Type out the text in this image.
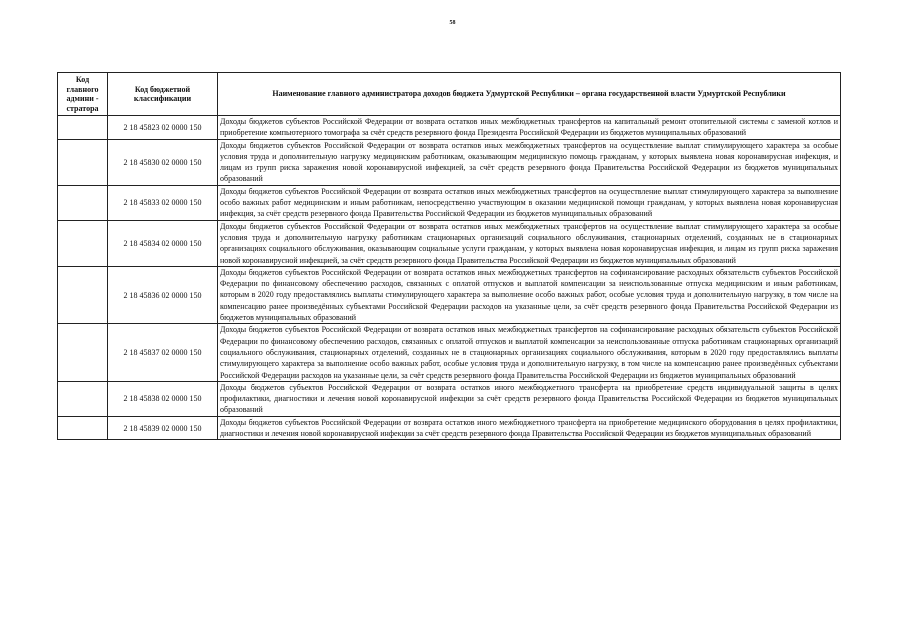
58
Код главного админи - стратора	Код бюджетной классификации	Наименование главного администратора доходов бюджета Удмуртской Республики – органа государственной власти Удмуртской Республики
	2 18 45823 02 0000 150	Доходы бюджетов субъектов Российской Федерации от возврата остатков иных межбюджетных трансфертов на капитальный ремонт отопительной системы с заменой котлов и приобретение компьютерного томографа за счёт средств резервного фонда Президента Российской Федерации из бюджетов муниципальных образований
	2 18 45830 02 0000 150	Доходы бюджетов субъектов Российской Федерации от возврата остатков иных межбюджетных трансфертов на осуществление выплат стимулирующего характера за особые условия труда и дополнительную нагрузку медицинским работникам, оказывающим медицинскую помощь гражданам, у которых выявлена новая коронавирусная инфекция, и лицам из групп риска заражения новой коронавирусной инфекцией, за счёт средств резервного фонда Правительства Российской Федерации из бюджетов муниципальных образований
	2 18 45833 02 0000 150	Доходы бюджетов субъектов Российской Федерации от возврата остатков иных межбюджетных трансфертов на осуществление выплат стимулирующего характера за выполнение особо важных работ медицинским и иным работникам, непосредственно участвующим в оказании медицинской помощи гражданам, у которых выявлена новая коронавирусная инфекция, за счёт средств резервного фонда Правительства Российской Федерации из бюджетов муниципальных образований
	2 18 45834 02 0000 150	Доходы бюджетов субъектов Российской Федерации от возврата остатков иных межбюджетных трансфертов на осуществление выплат стимулирующего характера за особые условия труда и дополнительную нагрузку работникам стационарных организаций социального обслуживания, стационарных отделений, созданных не в стационарных организациях социального обслуживания, оказывающим социальные услуги гражданам, у которых выявлена новая коронавирусная инфекция, и лицам из групп риска заражения новой коронавирусной инфекцией, за счёт средств резервного фонда Правительства Российской Федерации из бюджетов муниципальных образований
	2 18 45836 02 0000 150	Доходы бюджетов субъектов Российской Федерации от возврата остатков иных межбюджетных трансфертов на софинансирование расходных обязательств субъектов Российской Федерации по финансовому обеспечению расходов, связанных с оплатой отпусков и выплатой компенсации за неиспользованные отпуска медицинским и иным работникам, которым в 2020 году предоставлялись выплаты стимулирующего характера за выполнение особо важных работ, особые условия труда и дополнительную нагрузку, в том числе на компенсацию ранее произведённых субъектами Российской Федерации расходов на указанные цели, за счёт средств резервного фонда Правительства Российской Федерации из бюджетов муниципальных образований
	2 18 45837 02 0000 150	Доходы бюджетов субъектов Российской Федерации от возврата остатков иных межбюджетных трансфертов на софинансирование расходных обязательств субъектов Российской Федерации по финансовому обеспечению расходов, связанных с оплатой отпусков и выплатой компенсации за неиспользованные отпуска работникам стационарных организаций социального обслуживания, стационарных отделений, созданных не в стационарных организациях социального обслуживания, которым в 2020 году предоставлялись выплаты стимулирующего характера за выполнение особо важных работ, особые условия труда и дополнительную нагрузку, в том числе на компенсацию ранее произведённых субъектами Российской Федерации расходов на указанные цели, за счёт средств резервного фонда Правительства Российской Федерации из бюджетов муниципальных образований
	2 18 45838 02 0000 150	Доходы бюджетов субъектов Российской Федерации от возврата остатков иного межбюджетного трансферта на приобретение средств индивидуальной защиты в целях профилактики, диагностики и лечения новой коронавирусной инфекции за счёт средств резервного фонда Правительства Российской Федерации из бюджетов муниципальных образований
	2 18 45839 02 0000 150	Доходы бюджетов субъектов Российской Федерации от возврата остатков иного межбюджетного трансферта на приобретение медицинского оборудования в целях профилактики, диагностики и лечения новой коронавирусной инфекции за счёт средств резервного фонда Правительства Российской Федерации из бюджетов муниципальных образований
